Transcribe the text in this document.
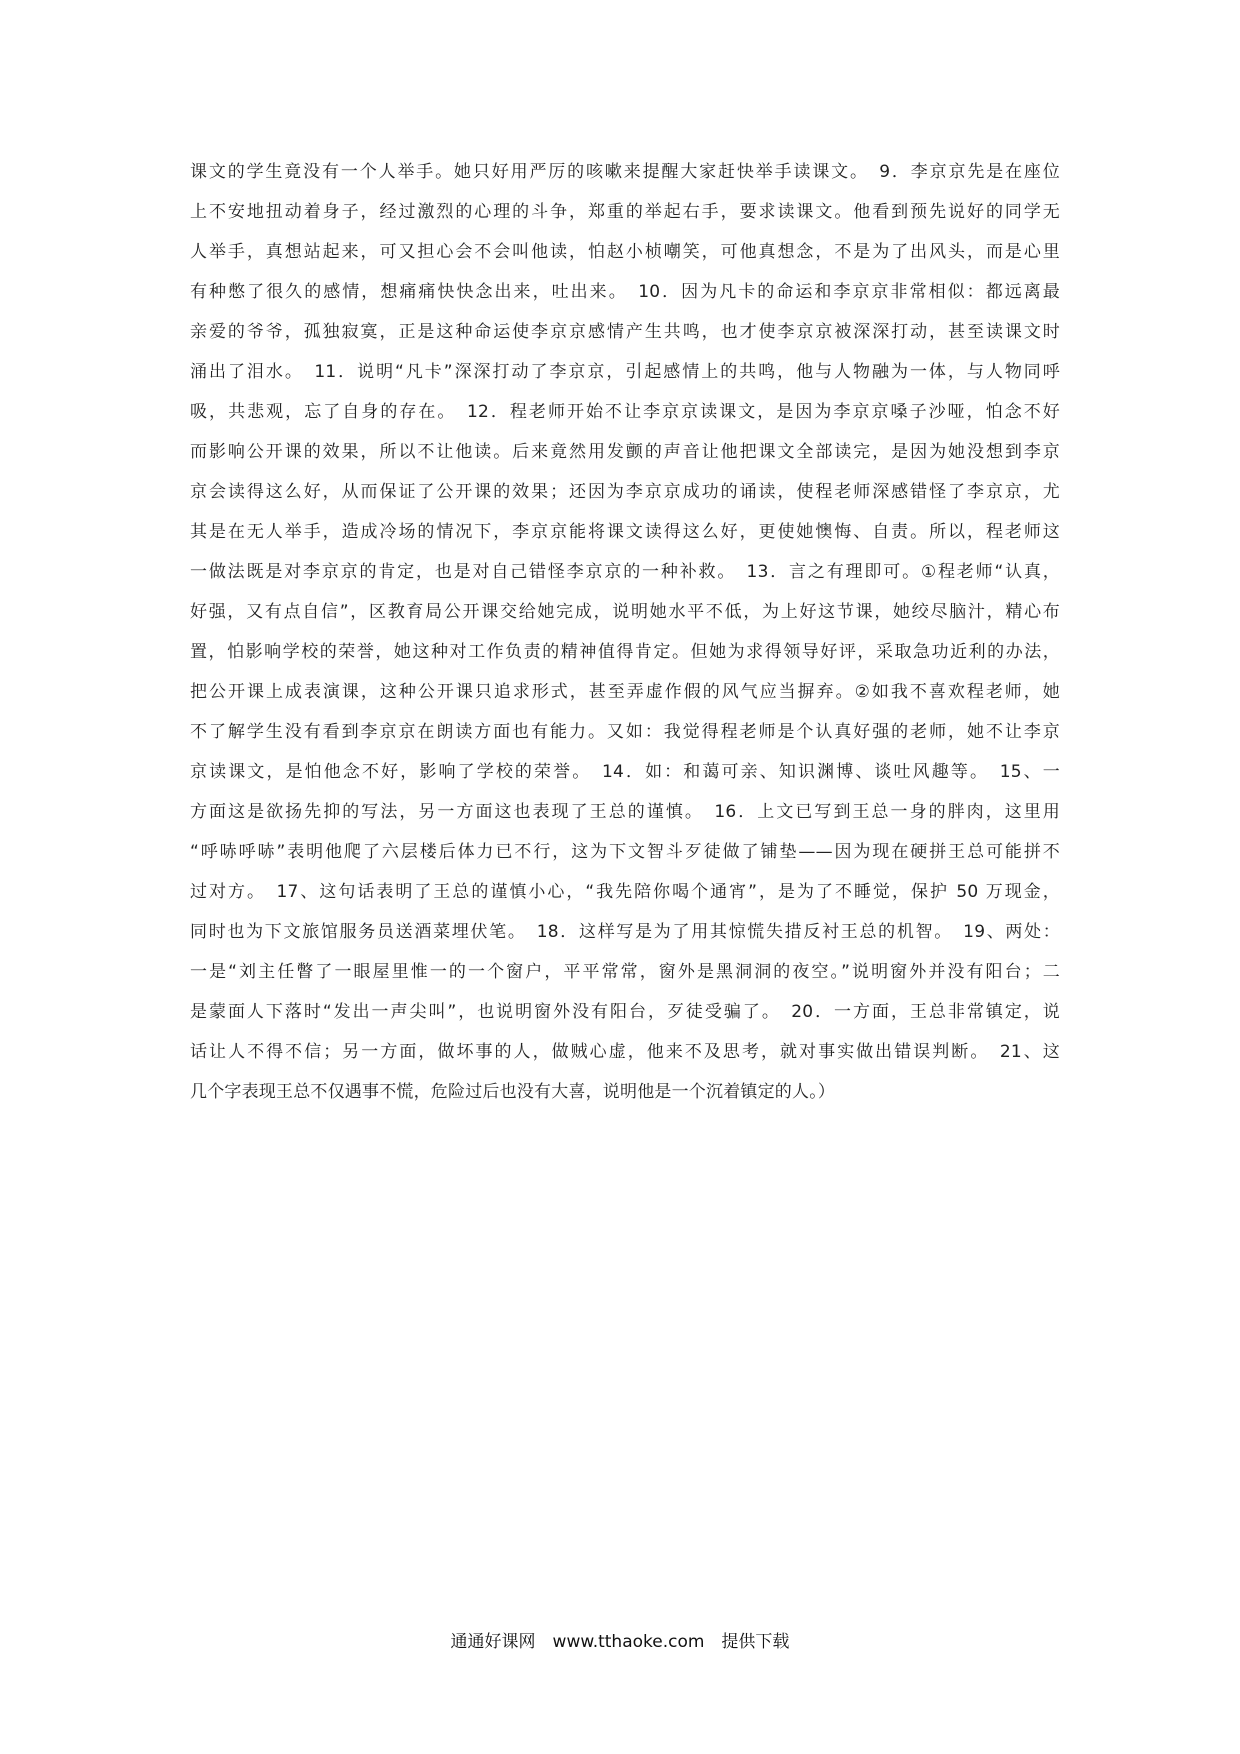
课文的学生竟没有一个人举手。她只好用严厉的咳嗽来提醒大家赶快举手读课文。　9．李京京先是在座位
上不安地扭动着身子，经过激烈的心理的斗争，郑重的举起右手，要求读课文。他看到预先说好的同学无
人举手，真想站起来，可又担心会不会叫他读，怕赵小桢嘲笑，可他真想念，不是为了出风头，而是心里
有种憋了很久的感情，想痛痛快快念出来，吐出来。　10．因为凡卡的命运和李京京非常相似：都远离最
亲爱的爷爷，孤独寂寞，正是这种命运使李京京感情产生共鸣，也才使李京京被深深打动，甚至读课文时
涌出了泪水。　11．说明“凡卡”深深打动了李京京，引起感情上的共鸣，他与人物融为一体，与人物同呼
吸，共悲观，忘了自身的存在。　12．程老师开始不让李京京读课文，是因为李京京嗓子沙哑，怕念不好
而影响公开课的效果，所以不让他读。后来竟然用发颤的声音让他把课文全部读完，是因为她没想到李京
京会读得这么好，从而保证了公开课的效果；还因为李京京成功的诵读，使程老师深感错怪了李京京，尤
其是在无人举手，造成冷场的情况下，李京京能将课文读得这么好，更使她懊悔、自责。所以，程老师这
一做法既是对李京京的肯定，也是对自己错怪李京京的一种补救。　13．言之有理即可。①程老师“认真，
好强，又有点自信”，区教育局公开课交给她完成，说明她水平不低，为上好这节课，她绞尽脑汁，精心布
置，怕影响学校的荣誉，她这种对工作负责的精神值得肯定。但她为求得领导好评，采取急功近利的办法，
把公开课上成表演课，这种公开课只追求形式，甚至弄虚作假的风气应当摒弃。②如我不喜欢程老师，她
不了解学生没有看到李京京在朗读方面也有能力。又如：我觉得程老师是个认真好强的老师，她不让李京
京读课文，是怕他念不好，影响了学校的荣誉。　14．如：和蔼可亲、知识渊博、谈吐风趣等。　15、一
方面这是欲扬先抑的写法，另一方面这也表现了王总的谨慎。　16．上文已写到王总一身的胖肉，这里用
“呼哧呼哧”表明他爬了六层楼后体力已不行，这为下文智斗歹徒做了铺垫——因为现在硬拼王总可能拼不
过对方。　17、这句话表明了王总的谨慎小心，“我先陪你喝个通宵”，是为了不睡觉，保护 50 万现金，
同时也为下文旅馆服务员送酒菜埋伏笔。　18．这样写是为了用其惊慌失措反衬王总的机智。　19、两处：
一是“刘主任瞥了一眼屋里惟一的一个窗户，平平常常，窗外是黑洞洞的夜空。”说明窗外并没有阳台；二
是蒙面人下落时“发出一声尖叫”，也说明窗外没有阳台，歹徒受骗了。　20．一方面，王总非常镇定，说
话让人不得不信；另一方面，做坏事的人，做贼心虚，他来不及思考，就对事实做出错误判断。　21、这
几个字表现王总不仅遇事不慌，危险过后也没有大喜，说明他是一个沉着镇定的人。）
通通好课网　www.tthaoke.com　提供下载
